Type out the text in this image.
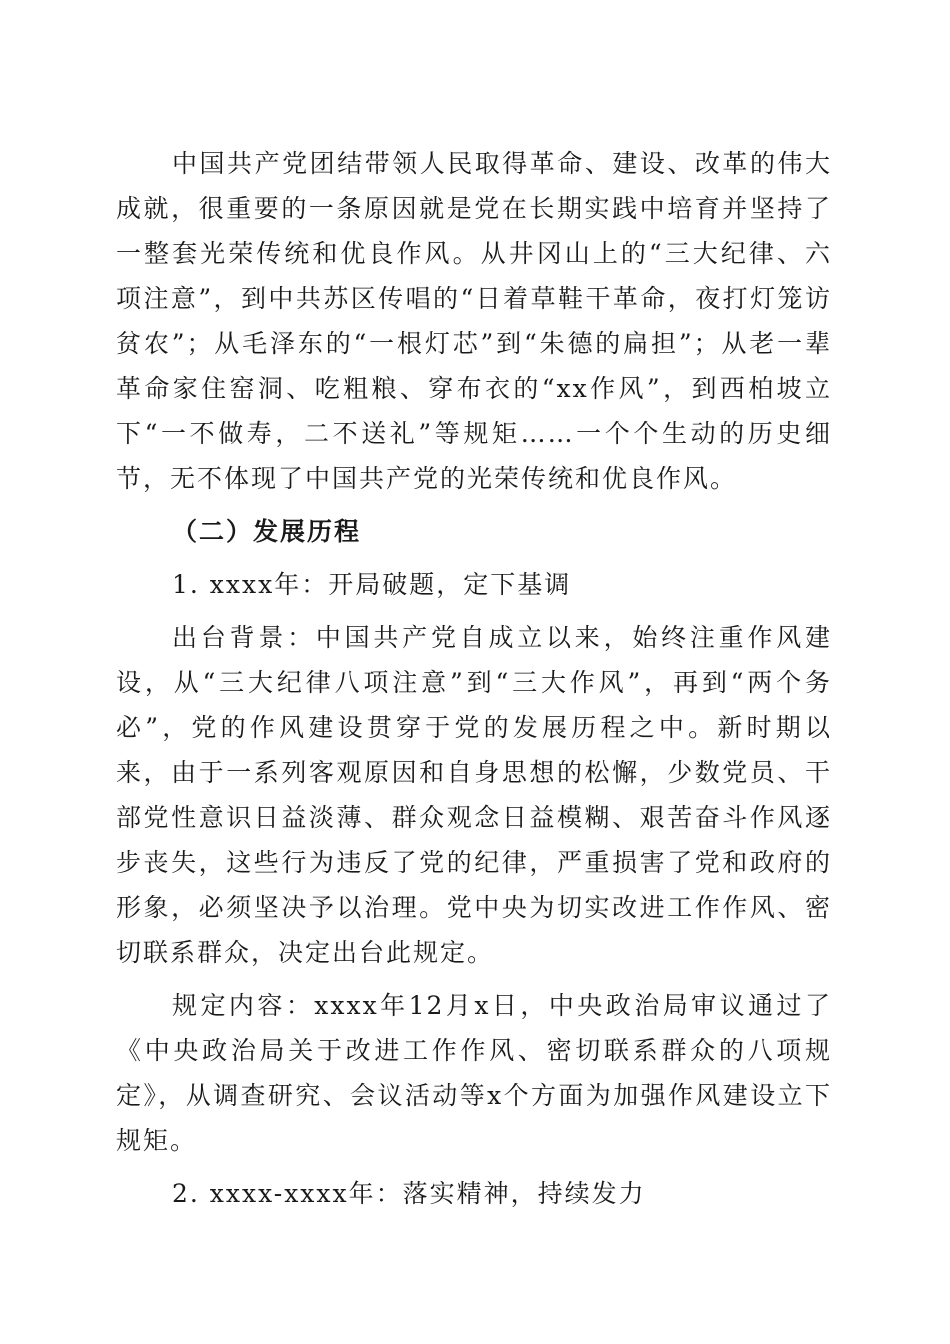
中国共产党团结带领人民取得革命、建设、改革的伟大成就，很重要的一条原因就是党在长期实践中培育并坚持了一整套光荣传统和优良作风。从井冈山上的“三大纪律、六项注意”，到中共苏区传唱的“日着草鞋干革命，夜打灯笼访贫农”；从毛泽东的“一根灯芯”到“朱德的扁担”；从老一辈革命家住窑洞、吃粗粮、穿布衣的“xx作风”，到西柏坡立下“一不做寿，二不送礼”等规矩……一个个生动的历史细节，无不体现了中国共产党的光荣传统和优良作风。

（二）发展历程

1. xxxx年：开局破题，定下基调

出台背景：中国共产党自成立以来，始终注重作风建设，从“三大纪律八项注意”到“三大作风”，再到“两个务必”，党的作风建设贯穿于党的发展历程之中。新时期以来，由于一系列客观原因和自身思想的松懈，少数党员、干部党性意识日益淡薄、群众观念日益模糊、艰苦奋斗作风逐步丧失，这些行为违反了党的纪律，严重损害了党和政府的形象，必须坚决予以治理。党中央为切实改进工作作风、密切联系群众，决定出台此规定。

规定内容：xxxx年12月x日，中央政治局审议通过了《中央政治局关于改进工作作风、密切联系群众的八项规定》，从调查研究、会议活动等x个方面为加强作风建设立下规矩。

2. xxxx-xxxx年：落实精神，持续发力
